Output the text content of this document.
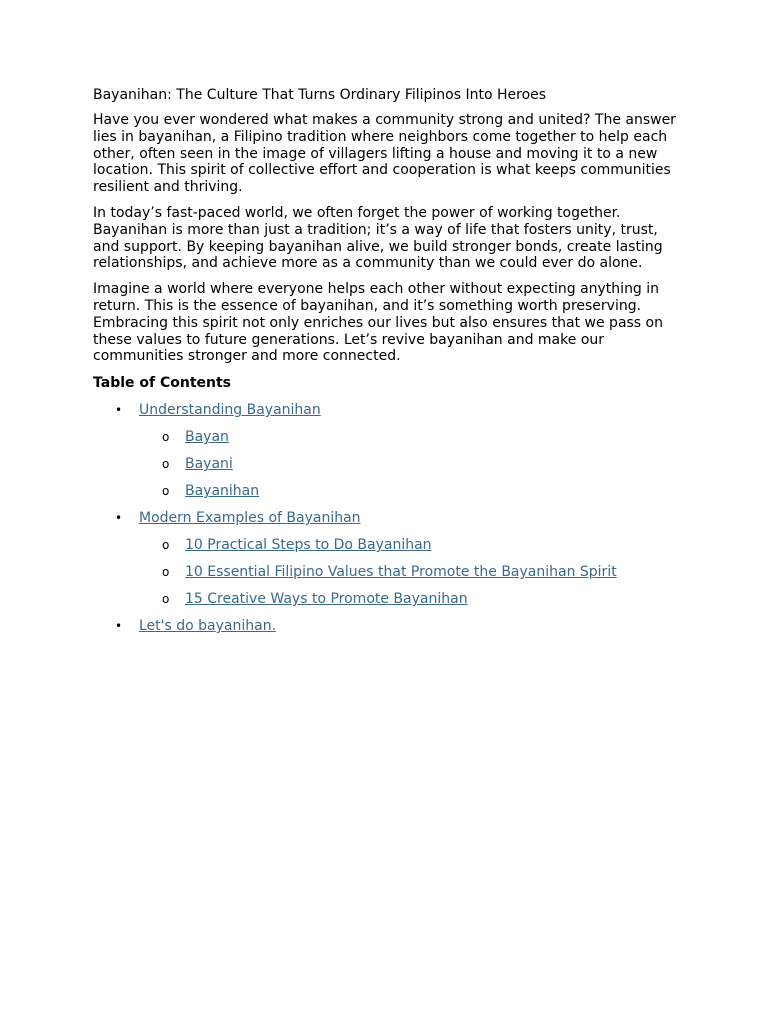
Bayanihan: The Culture That Turns Ordinary Filipinos Into Heroes

Have you ever wondered what makes a community strong and united? The answer lies in bayanihan, a Filipino tradition where neighbors come together to help each other, often seen in the image of villagers lifting a house and moving it to a new location. This spirit of collective effort and cooperation is what keeps communities resilient and thriving.

In today’s fast-paced world, we often forget the power of working together. Bayanihan is more than just a tradition; it’s a way of life that fosters unity, trust, and support. By keeping bayanihan alive, we build stronger bonds, create lasting relationships, and achieve more as a community than we could ever do alone.

Imagine a world where everyone helps each other without expecting anything in return. This is the essence of bayanihan, and it’s something worth preserving. Embracing this spirit not only enriches our lives but also ensures that we pass on these values to future generations. Let’s revive bayanihan and make our communities stronger and more connected.

Table of Contents

• Understanding Bayanihan
o Bayan
o Bayani
o Bayanihan
• Modern Examples of Bayanihan
o 10 Practical Steps to Do Bayanihan
o 10 Essential Filipino Values that Promote the Bayanihan Spirit
o 15 Creative Ways to Promote Bayanihan
• Let's do bayanihan.
